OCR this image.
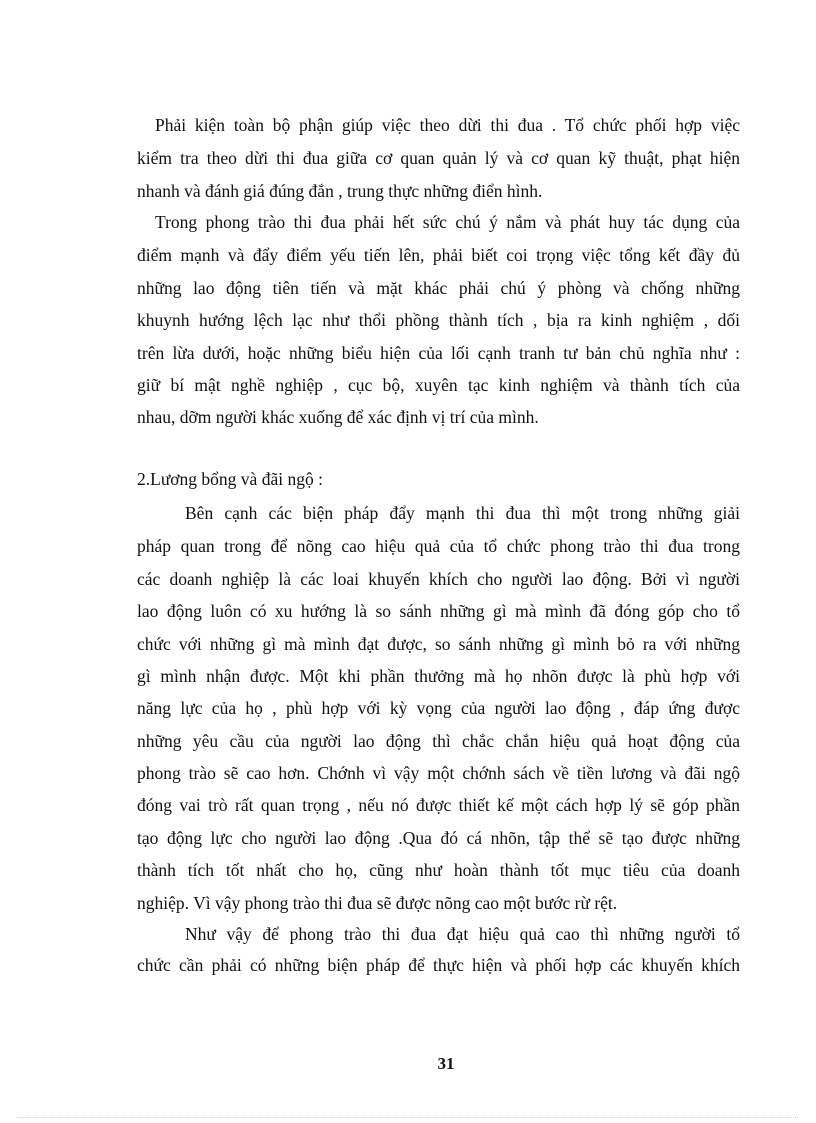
Phải kiện toàn bộ phận giúp việc theo dừi thi đua . Tổ chức phối hợp việc

kiểm tra theo dừi thi đua giữa cơ quan quản lý và cơ quan kỹ thuật, phạt hiện

nhanh và đánh giá đúng đắn , trung thực những điển hình.

Trong phong trào thi đua phải hết sức chú ý nắm và phát huy tác dụng của

điểm mạnh và đẩy điểm yếu tiến lên, phải biết coi trọng việc tổng kết đầy đủ

những lao động tiên tiến và mặt khác phải chú ý phòng và chống những

khuynh hướng lệch lạc như thổi phồng thành tích , bịa ra kinh nghiệm , dối

trên lừa dưới, hoặc những biểu hiện của lối cạnh tranh tư bản chủ nghĩa như :

giữ bí mật nghề nghiệp , cục bộ, xuyên tạc kinh nghiệm và thành tích của

nhau, dỡm người khác xuống để xác định vị trí của mình.

2.Lương bổng và đãi ngộ :

Bên cạnh các biện pháp đẩy mạnh thi đua thì một trong những giải

pháp quan trong để nõng cao hiệu quả của tổ chức phong trào thi đua trong

các doanh nghiệp là các loai khuyến khích cho người lao động. Bởi vì người

lao động luôn có xu hướng là so sánh những gì mà mình đã đóng góp cho tổ

chức với những gì mà mình đạt được, so sánh những gì mình bỏ ra với những

gì mình nhận được. Một khi phần thưởng mà họ nhõn được là phù hợp với

năng lực của họ , phù hợp với kỳ vọng của người lao động , đáp ứng được

những yêu cầu của người lao động thì chắc chắn hiệu quả hoạt động của

phong trào sẽ cao hơn. Chớnh vì vậy một chớnh sách về tiền lương và đãi ngộ

đóng vai trò rất quan trọng , nếu nó được thiết kế một cách hợp lý sẽ góp phần

tạo động lực cho người lao động .Qua đó cá nhõn, tập thể sẽ tạo được những

thành tích tốt nhất cho họ, cũng như hoàn thành tốt mục tiêu của doanh

nghiệp. Vì vậy phong trào thi đua sẽ được nõng cao một bước rừ rệt.

Như vậy để phong trào thi đua đạt hiệu quả cao thì những người tổ

chức cần phải có những biện pháp để thực hiện và phối hợp các khuyến khích

31
